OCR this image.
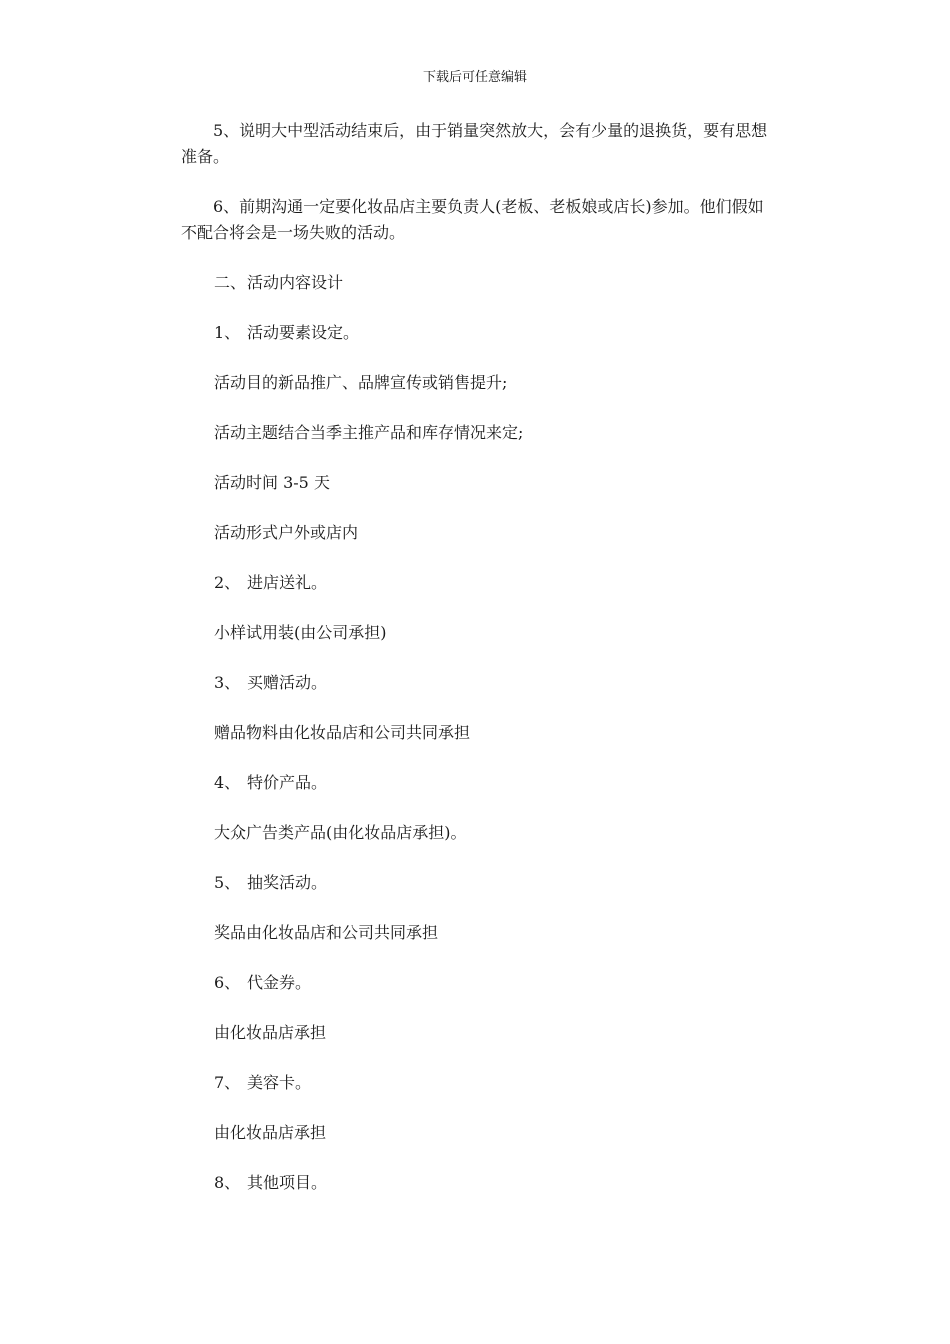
下载后可任意编辑

5、说明大中型活动结束后，由于销量突然放大，会有少量的退换货，要有思想准备。

6、前期沟通一定要化妆品店主要负责人(老板、老板娘或店长)参加。他们假如不配合将会是一场失败的活动。

二、活动内容设计
1、 活动要素设定。
活动目的新品推广、品牌宣传或销售提升;
活动主题结合当季主推产品和库存情况来定;
活动时间 3-5 天
活动形式户外或店内
2、 进店送礼。
小样试用装(由公司承担)
3、 买赠活动。
赠品物料由化妆品店和公司共同承担
4、 特价产品。
大众广告类产品(由化妆品店承担)。
5、 抽奖活动。
奖品由化妆品店和公司共同承担
6、 代金券。
由化妆品店承担
7、 美容卡。
由化妆品店承担
8、 其他项目。
